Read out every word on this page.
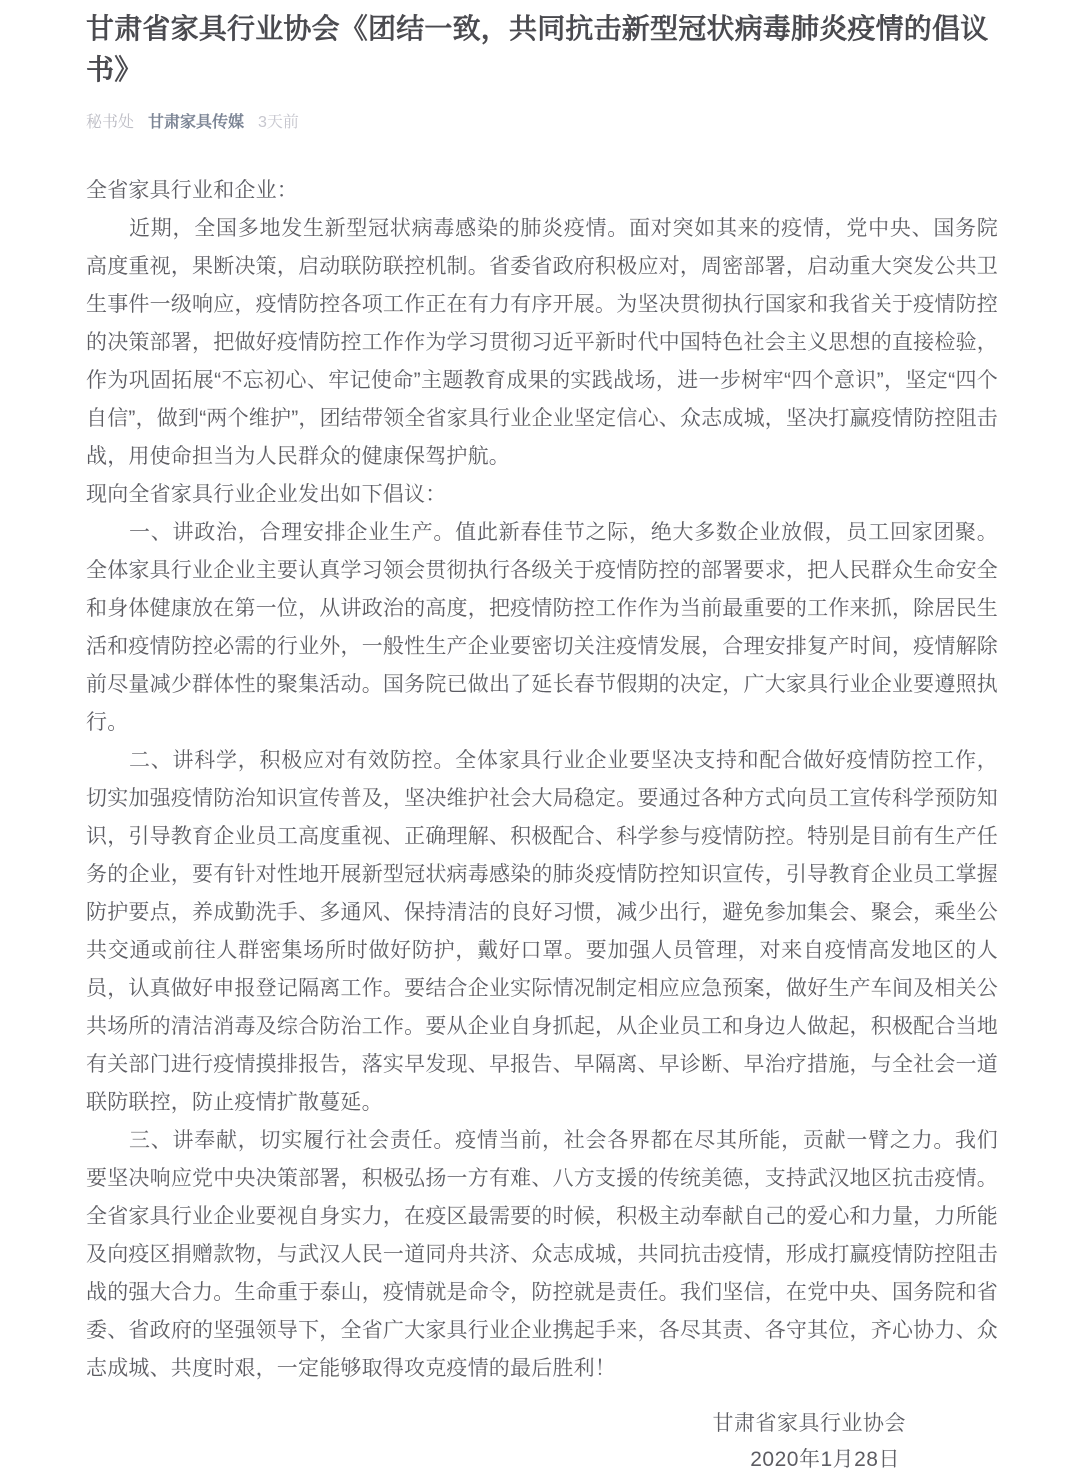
甘肃省家具行业协会《团结一致，共同抗击新型冠状病毒肺炎疫情的倡议书》
秘书处 甘肃家具传媒 3天前

全省家具行业和企业：

近期，全国多地发生新型冠状病毒感染的肺炎疫情。面对突如其来的疫情，党中央、国务院高度重视，果断决策，启动联防联控机制。省委省政府积极应对，周密部署，启动重大突发公共卫生事件一级响应，疫情防控各项工作正在有力有序开展。为坚决贯彻执行国家和我省关于疫情防控的决策部署，把做好疫情防控工作作为学习贯彻习近平新时代中国特色社会主义思想的直接检验，作为巩固拓展“不忘初心、牢记使命”主题教育成果的实践战场，进一步树牢“四个意识”，坚定“四个自信”，做到“两个维护”，团结带领全省家具行业企业坚定信心、众志成城，坚决打赢疫情防控阻击战，用使命担当为人民群众的健康保驾护航。

现向全省家具行业企业发出如下倡议：

一、讲政治，合理安排企业生产。值此新春佳节之际，绝大多数企业放假，员工回家团聚。全体家具行业企业主要认真学习领会贯彻执行各级关于疫情防控的部署要求，把人民群众生命安全和身体健康放在第一位，从讲政治的高度，把疫情防控工作作为当前最重要的工作来抓，除居民生活和疫情防控必需的行业外，一般性生产企业要密切关注疫情发展，合理安排复产时间，疫情解除前尽量减少群体性的聚集活动。国务院已做出了延长春节假期的决定，广大家具行业企业要遵照执行。

二、讲科学，积极应对有效防控。全体家具行业企业要坚决支持和配合做好疫情防控工作，切实加强疫情防治知识宣传普及，坚决维护社会大局稳定。要通过各种方式向员工宣传科学预防知识，引导教育企业员工高度重视、正确理解、积极配合、科学参与疫情防控。特别是目前有生产任务的企业，要有针对性地开展新型冠状病毒感染的肺炎疫情防控知识宣传，引导教育企业员工掌握防护要点，养成勤洗手、多通风、保持清洁的良好习惯，减少出行，避免参加集会、聚会，乘坐公共交通或前往人群密集场所时做好防护，戴好口罩。要加强人员管理，对来自疫情高发地区的人员，认真做好申报登记隔离工作。要结合企业实际情况制定相应应急预案，做好生产车间及相关公共场所的清洁消毒及综合防治工作。要从企业自身抓起，从企业员工和身边人做起，积极配合当地有关部门进行疫情摸排报告，落实早发现、早报告、早隔离、早诊断、早治疗措施，与全社会一道联防联控，防止疫情扩散蔓延。

三、讲奉献，切实履行社会责任。疫情当前，社会各界都在尽其所能，贡献一臂之力。我们要坚决响应党中央决策部署，积极弘扬一方有难、八方支援的传统美德，支持武汉地区抗击疫情。全省家具行业企业要视自身实力，在疫区最需要的时候，积极主动奉献自己的爱心和力量，力所能及向疫区捐赠款物，与武汉人民一道同舟共济、众志成城，共同抗击疫情，形成打赢疫情防控阻击战的强大合力。生命重于泰山，疫情就是命令，防控就是责任。我们坚信，在党中央、国务院和省委、省政府的坚强领导下，全省广大家具行业企业携起手来，各尽其责、各守其位，齐心协力、众志成城、共度时艰，一定能够取得攻克疫情的最后胜利！

甘肃省家具行业协会
2020年1月28日
